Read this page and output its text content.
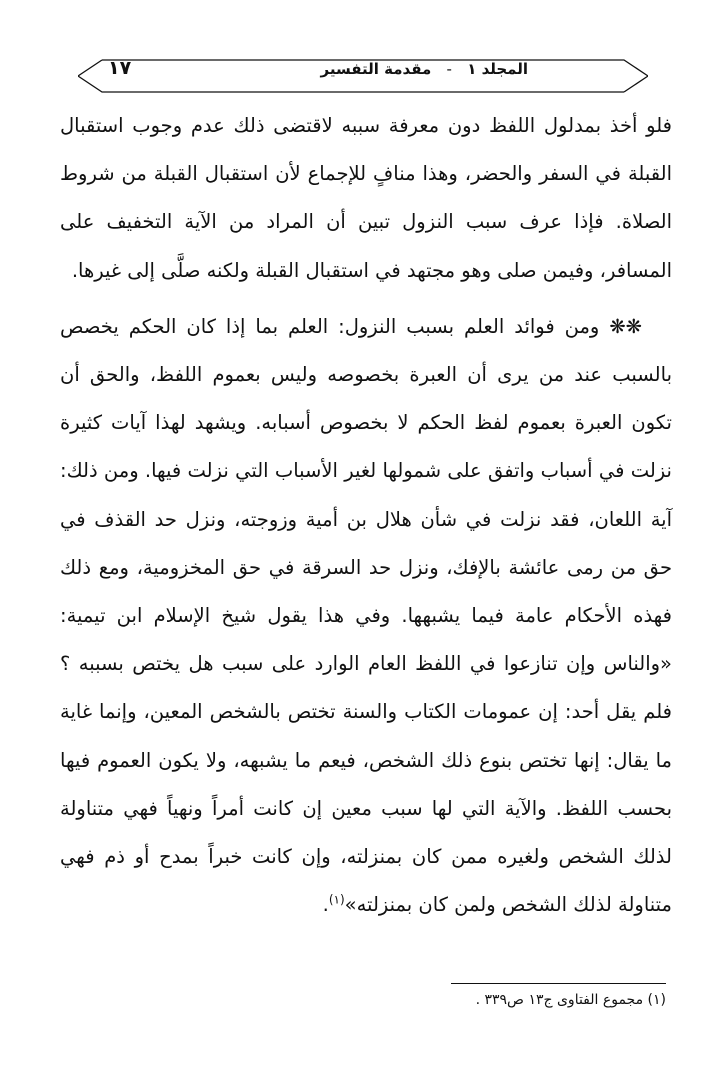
١٧	المجلد ١ - مقدمة التفسير

فلو أخذ بمدلول اللفظ دون معرفة سببه لاقتضى ذلك عدم وجوب استقبال القبلة في السفر والحضر، وهذا منافٍ للإجماع لأن استقبال القبلة من شروط الصلاة. فإذا عرف سبب النزول تبين أن المراد من الآية التخفيف على المسافر، وفيمن صلى وهو مجتهد في استقبال القبلة ولكنه صلَّى إلى غيرها.

❋❋ ومن فوائد العلم بسبب النزول: العلم بما إذا كان الحكم يخصص بالسبب عند من يرى أن العبرة بخصوصه وليس بعموم اللفظ، والحق أن تكون العبرة بعموم لفظ الحكم لا بخصوص أسبابه. ويشهد لهذا آيات كثيرة نزلت في أسباب واتفق على شمولها لغير الأسباب التي نزلت فيها. ومن ذلك: آية اللعان، فقد نزلت في شأن هلال بن أمية وزوجته، ونزل حد القذف في حق من رمى عائشة بالإفك، ونزل حد السرقة في حق المخزومية، ومع ذلك فهذه الأحكام عامة فيما يشبهها. وفي هذا يقول شيخ الإسلام ابن تيمية: «والناس وإن تنازعوا في اللفظ العام الوارد على سبب هل يختص بسببه ؟ فلم يقل أحد: إن عمومات الكتاب والسنة تختص بالشخص المعين، وإنما غاية ما يقال: إنها تختص بنوع ذلك الشخص، فيعم ما يشبهه، ولا يكون العموم فيها بحسب اللفظ. والآية التي لها سبب معين إن كانت أمراً ونهياً فهي متناولة لذلك الشخص ولغيره ممن كان بمنزلته، وإن كانت خبراً بمدح أو ذم فهي متناولة لذلك الشخص ولمن كان بمنزلته»$^{(١)}$.

(١) مجموع الفتاوى ج١٣ ص٣٣٩ .
